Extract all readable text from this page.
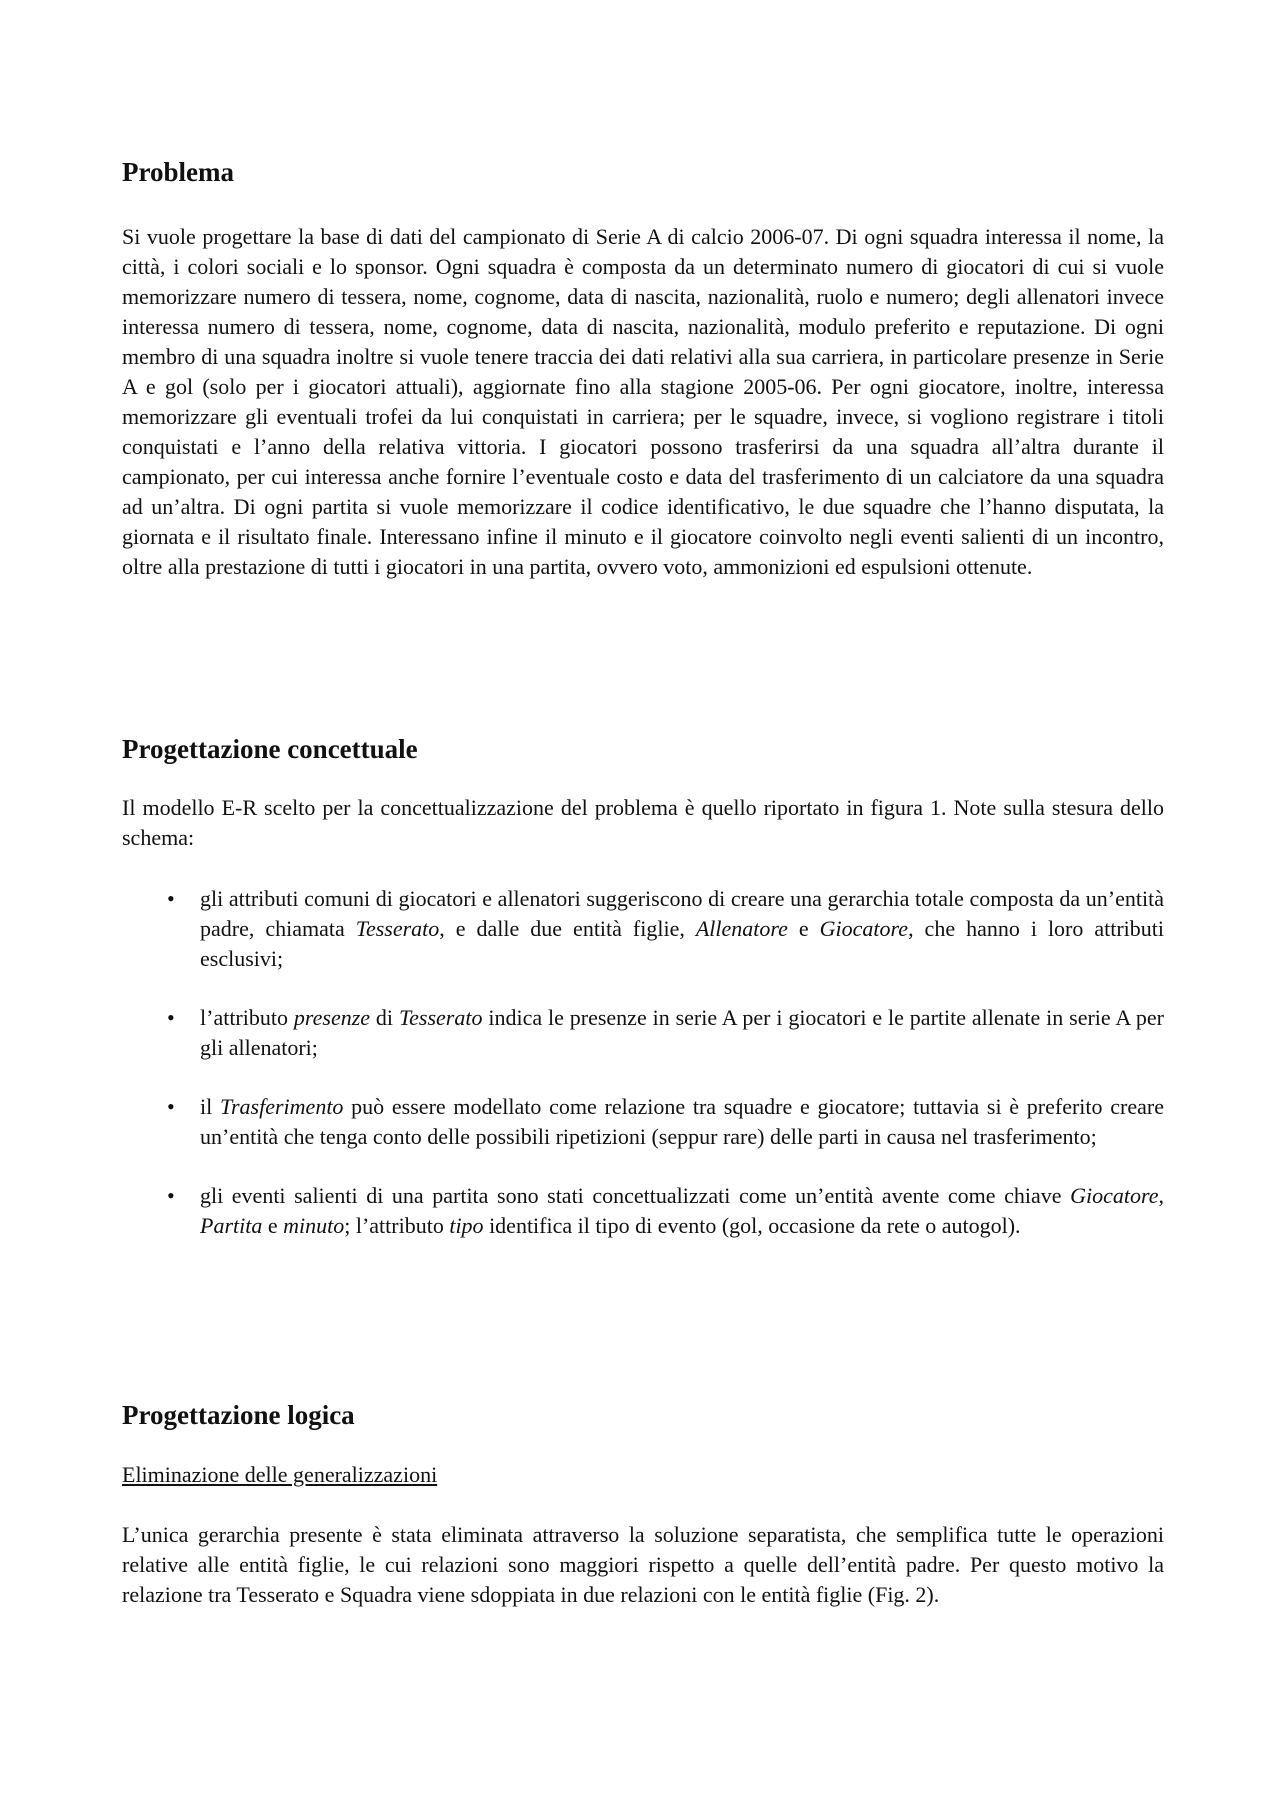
Problema

Si vuole progettare la base di dati del campionato di Serie A di calcio 2006-07. Di ogni squadra interessa il nome, la città, i colori sociali e lo sponsor. Ogni squadra è composta da un determinato numero di giocatori di cui si vuole memorizzare numero di tessera, nome, cognome, data di nascita, nazionalità, ruolo e numero; degli allenatori invece interessa numero di tessera, nome, cognome, data di nascita, nazionalità, modulo preferito e reputazione. Di ogni membro di una squadra inoltre si vuole tenere traccia dei dati relativi alla sua carriera, in particolare presenze in Serie A e gol (solo per i giocatori attuali), aggiornate fino alla stagione 2005-06. Per ogni giocatore, inoltre, interessa memorizzare gli eventuali trofei da lui conquistati in carriera; per le squadre, invece, si vogliono registrare i titoli conquistati e l’anno della relativa vittoria. I giocatori possono trasferirsi da una squadra all’altra durante il campionato, per cui interessa anche fornire l’eventuale costo e data del trasferimento di un calciatore da una squadra ad un’altra. Di ogni partita si vuole memorizzare il codice identificativo, le due squadre che l’hanno disputata, la giornata e il risultato finale. Interessano infine il minuto e il giocatore coinvolto negli eventi salienti di un incontro, oltre alla prestazione di tutti i giocatori in una partita, ovvero voto, ammonizioni ed espulsioni ottenute.

Progettazione concettuale

Il modello E-R scelto per la concettualizzazione del problema è quello riportato in figura 1. Note sulla stesura dello schema:

• gli attributi comuni di giocatori e allenatori suggeriscono di creare una gerarchia totale composta da un’entità padre, chiamata Tesserato, e dalle due entità figlie, Allenatore e Giocatore, che hanno i loro attributi esclusivi;
• l’attributo presenze di Tesserato indica le presenze in serie A per i giocatori e le partite allenate in serie A per gli allenatori;
• il Trasferimento può essere modellato come relazione tra squadre e giocatore; tuttavia si è preferito creare un’entità che tenga conto delle possibili ripetizioni (seppur rare) delle parti in causa nel trasferimento;
• gli eventi salienti di una partita sono stati concettualizzati come un’entità avente come chiave Giocatore, Partita e minuto; l’attributo tipo identifica il tipo di evento (gol, occasione da rete o autogol).
Progettazione logica

Eliminazione delle generalizzazioni

L’unica gerarchia presente è stata eliminata attraverso la soluzione separatista, che semplifica tutte le operazioni relative alle entità figlie, le cui relazioni sono maggiori rispetto a quelle dell’entità padre. Per questo motivo la relazione tra Tesserato e Squadra viene sdoppiata in due relazioni con le entità figlie (Fig. 2).
